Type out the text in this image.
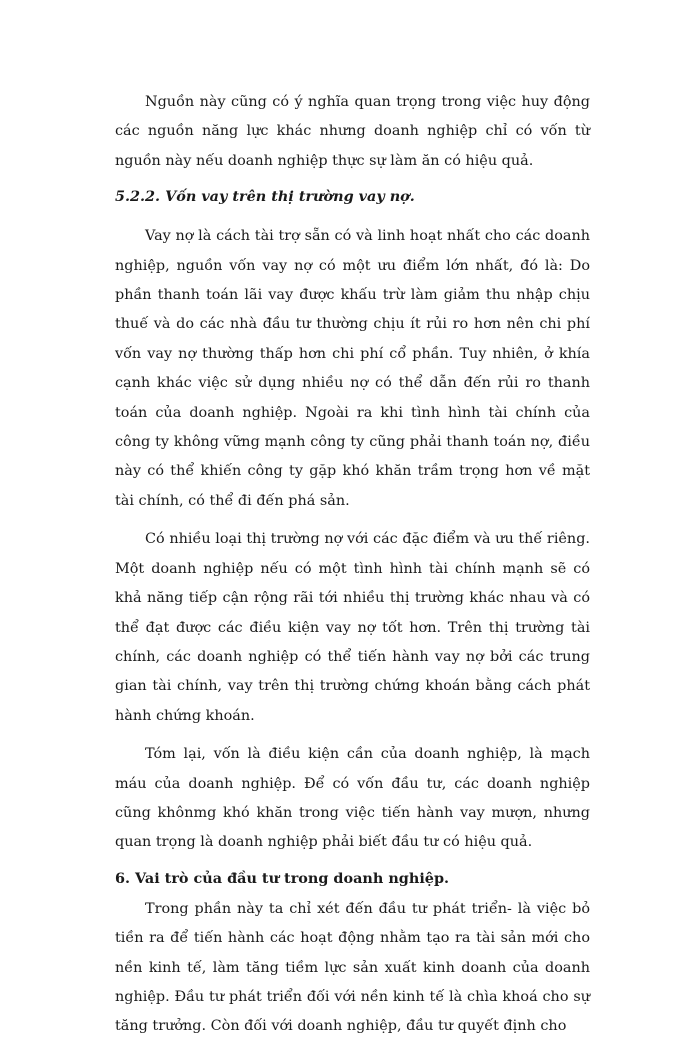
Nguồn này cũng có ý nghĩa quan trọng trong việc huy động các nguồn năng lực khác nhưng doanh nghiệp chỉ có vốn từ nguồn này nếu doanh nghiệp thực sự làm ăn có hiệu quả.

5.2.2. Vốn vay trên thị trường vay nợ.

Vay nợ là cách tài trợ sẵn có và linh hoạt nhất cho các doanh nghiệp, nguồn vốn vay nợ có một ưu điểm lớn nhất, đó là: Do phần thanh toán lãi vay được khấu trừ làm giảm thu nhập chịu thuế và do các nhà đầu tư thường chịu ít rủi ro hơn nên chi phí vốn vay nợ thường thấp hơn chi phí cổ phần. Tuy nhiên, ở khía cạnh khác việc sử dụng nhiều nợ có thể dẫn đến rủi ro thanh toán của doanh nghiệp. Ngoài ra khi tình hình tài chính của công ty không vững mạnh công ty cũng phải thanh toán nợ, điều này có thể khiến công ty gặp khó khăn trầm trọng hơn về mặt tài chính, có thể đi đến phá sản.

Có nhiều loại thị trường nợ với các đặc điểm và ưu thế riêng. Một doanh nghiệp nếu có một tình hình tài chính mạnh sẽ có khả năng tiếp cận rộng rãi tới nhiều thị trường khác nhau và có thể đạt được các điều kiện vay nợ tốt hơn. Trên thị trường tài chính, các doanh nghiệp có thể tiến hành vay nợ bởi các trung gian tài chính, vay trên thị trường chứng khoán bằng cách phát hành chứng khoán.

Tóm lại, vốn là điều kiện cần của doanh nghiệp, là mạch máu của doanh nghiệp. Để có vốn đầu tư, các doanh nghiệp cũng khônmg khó khăn trong việc tiến hành vay mượn, nhưng quan trọng là doanh nghiệp phải biết đầu tư có hiệu quả.

6. Vai trò của đầu tư trong doanh nghiệp.

Trong phần này ta chỉ xét đến đầu tư phát triển- là việc bỏ tiền ra để tiến hành các hoạt động nhằm tạo ra tài sản mới cho nền kinh tế, làm tăng tiềm lực sản xuất kinh doanh của doanh nghiệp. Đầu tư phát triển đối với nền kinh tế là chìa khoá cho sự tăng trưởng. Còn đối với doanh nghiệp, đầu tư quyết định cho
